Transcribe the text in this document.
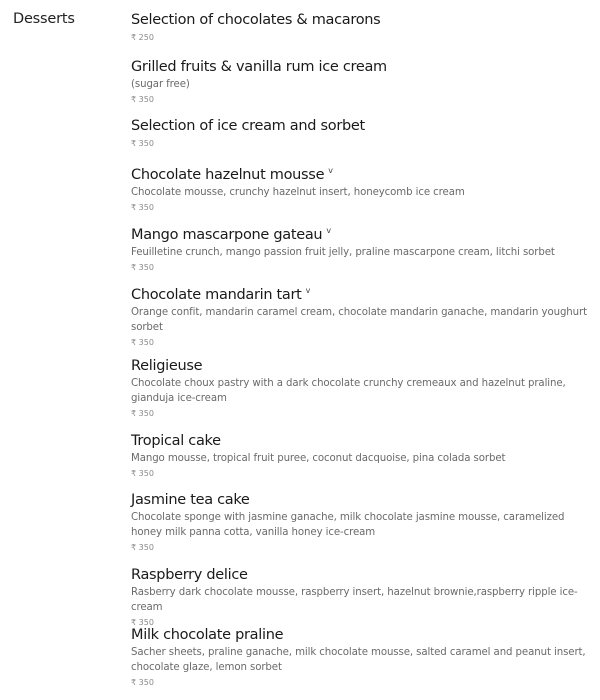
Desserts	Selection of chocolates & macarons
₹ 250
Grilled fruits & vanilla rum ice cream
(sugar free)
₹ 350
Selection of ice cream and sorbet
₹ 350
Chocolate hazelnut mousse $^v$
Chocolate mousse, crunchy hazelnut insert, honeycomb ice cream
₹ 350
Mango mascarpone gateau $^v$
Feuilletine crunch, mango passion fruit jelly, praline mascarpone cream, litchi sorbet
₹ 350
Chocolate mandarin tart $^v$
Orange confit, mandarin caramel cream, chocolate mandarin ganache, mandarin youghurt sorbet
₹ 350
Religieuse
Chocolate choux pastry with a dark chocolate crunchy cremeaux and hazelnut praline, gianduja ice-cream
₹ 350
Tropical cake
Mango mousse, tropical fruit puree, coconut dacquoise, pina colada sorbet
₹ 350
Jasmine tea cake
Chocolate sponge with jasmine ganache, milk chocolate jasmine mousse, caramelized honey milk panna cotta, vanilla honey ice-cream
₹ 350
Raspberry delice
Rasberry dark chocolate mousse, raspberry insert, hazelnut brownie,raspberry ripple ice-cream
₹ 350
Milk chocolate praline
Sacher sheets, praline ganache, milk chocolate mousse, salted caramel and peanut insert, chocolate glaze, lemon sorbet
₹ 350
